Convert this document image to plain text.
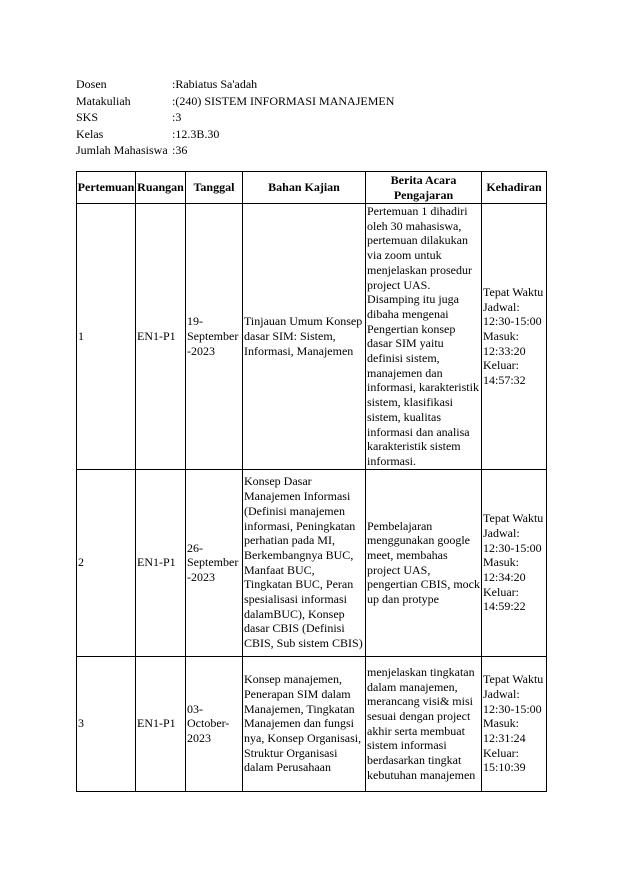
Dosen	: Rabiatus Sa'adah
Matakuliah	: (240) SISTEM INFORMASI MANAJEMEN
SKS	: 3
Kelas	: 12.3B.30
Jumlah Mahasiswa : 36
Pertemuan	Ruangan	Tanggal	Bahan Kajian	Berita Acara Pengajaran	Kehadiran
1	EN1-P1	19-September-2023	Tinjauan Umum Konsep dasar SIM: Sistem, Informasi, Manajemen	Pertemuan 1 dihadiri oleh 30 mahasiswa, pertemuan dilakukan via zoom untuk menjelaskan prosedur project UAS. Disamping itu juga dibaha mengenai Pengertian konsep dasar SIM yaitu definisi sistem, manajemen dan informasi, karakteristik sistem, klasifikasi sistem, kualitas informasi dan analisa karakteristik sistem informasi.	Tepat Waktu Jadwal: 12:30-15:00 Masuk: 12:33:20 Keluar: 14:57:32
2	EN1-P1	26-September-2023	Konsep Dasar Manajemen Informasi (Definisi manajemen informasi, Peningkatan perhatian pada MI, Berkembangnya BUC, Manfaat BUC, Tingkatan BUC, Peran spesialisasi informasi dalamBUC), Konsep dasar CBIS (Definisi CBIS, Sub sistem CBIS)	Pembelajaran menggunakan google meet, membahas project UAS, pengertian CBIS, mock up dan protype	Tepat Waktu Jadwal: 12:30-15:00 Masuk: 12:34:20 Keluar: 14:59:22
3	EN1-P1	03-October-2023	Konsep manajemen, Penerapan SIM dalam Manajemen, Tingkatan Manajemen dan fungsi nya, Konsep Organisasi, Struktur Organisasi dalam Perusahaan	menjelaskan tingkatan dalam manajemen, merancang visi& misi sesuai dengan project akhir serta membuat sistem informasi berdasarkan tingkat kebutuhan manajemen	Tepat Waktu Jadwal: 12:30-15:00 Masuk: 12:31:24 Keluar: 15:10:39
